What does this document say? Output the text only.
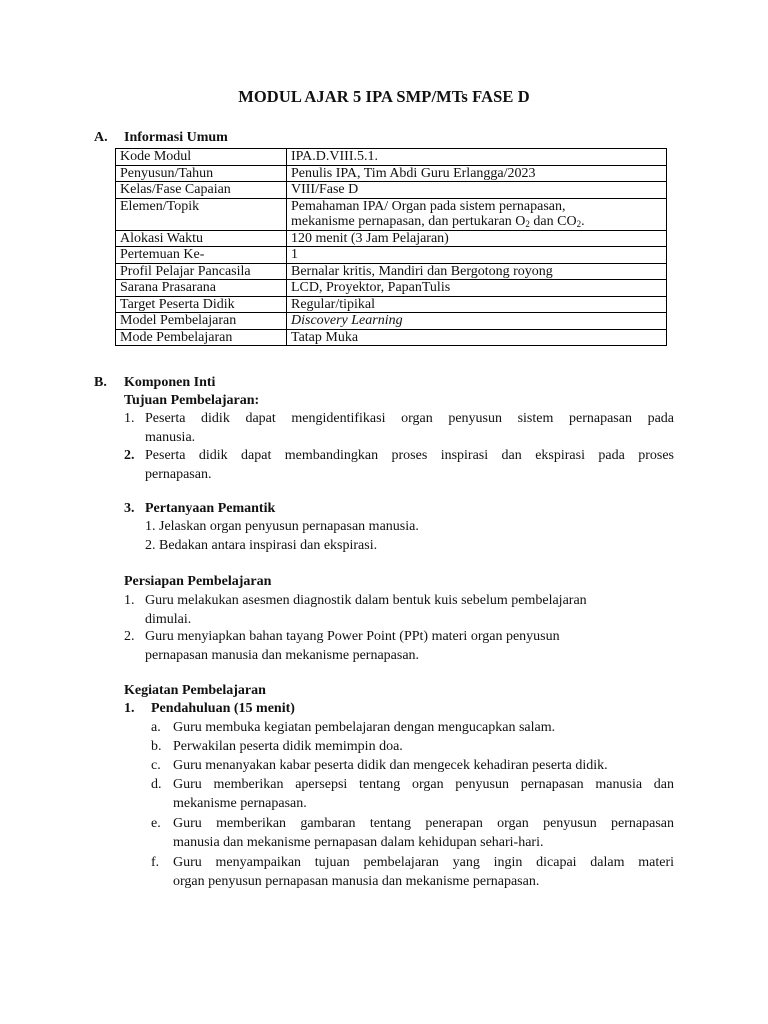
MODUL AJAR 5 IPA SMP/MTs FASE D
A. Informasi Umum
Kode Modul	IPA.D.VIII.5.1.
Penyusun/Tahun	Penulis IPA, Tim Abdi Guru Erlangga/2023
Kelas/Fase Capaian	VIII/Fase D
Elemen/Topik	Pemahaman IPA/ Organ pada sistem pernapasan,
mekanisme pernapasan, dan pertukaran $O_2$ dan $CO_2$.

Alokasi Waktu	120 menit (3 Jam Pelajaran)
Pertemuan Ke-	1
Profil Pelajar Pancasila	Bernalar kritis, Mandiri dan Bergotong royong
Sarana Prasarana	LCD, Proyektor, PapanTulis
Target Peserta Didik	Regular/tipikal
Model Pembelajaran	Discovery Learning
Mode Pembelajaran	Tatap Muka
B. Komponen Inti
Tujuan Pembelajaran:
1. Peserta didik dapat mengidentifikasi organ penyusun sistem pernapasan pada
manusia.
2. Peserta didik dapat membandingkan proses inspirasi dan ekspirasi pada proses
pernapasan.
3. Pertanyaan Pemantik
1. Jelaskan organ penyusun pernapasan manusia.
2. Bedakan antara inspirasi dan ekspirasi.
Persiapan Pembelajaran
1. Guru melakukan asesmen diagnostik dalam bentuk kuis sebelum pembelajaran
dimulai.
2. Guru menyiapkan bahan tayang Power Point (PPt) materi organ penyusun
pernapasan manusia dan mekanisme pernapasan.
Kegiatan Pembelajaran
1. Pendahuluan (15 menit)
a. Guru membuka kegiatan pembelajaran dengan mengucapkan salam.
b. Perwakilan peserta didik memimpin doa.
c. Guru menanyakan kabar peserta didik dan mengecek kehadiran peserta didik.
d. Guru memberikan apersepsi tentang organ penyusun pernapasan manusia dan
mekanisme pernapasan.
e. Guru memberikan gambaran tentang penerapan organ penyusun pernapasan
manusia dan mekanisme pernapasan dalam kehidupan sehari-hari.
f. Guru menyampaikan tujuan pembelajaran yang ingin dicapai dalam materi
organ penyusun pernapasan manusia dan mekanisme pernapasan.
